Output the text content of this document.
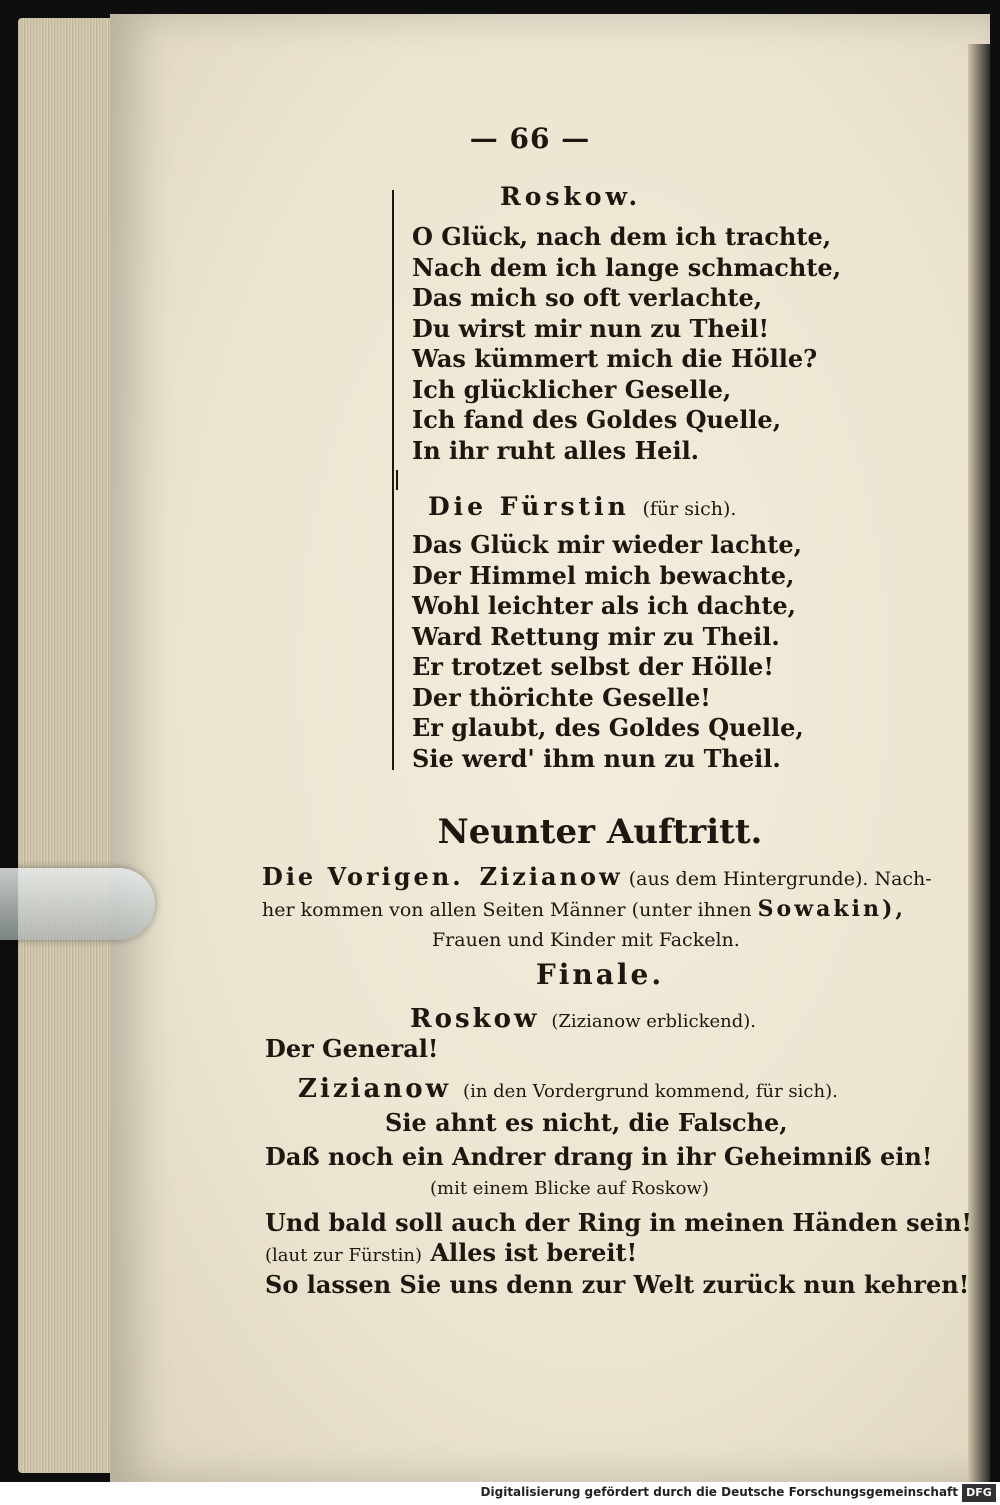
— 66 —
Roskow.
O Glück, nach dem ich trachte,
Nach dem ich lange schmachte,
Das mich so oft verlachte,
Du wirst mir nun zu Theil!
Was kümmert mich die Hölle?
Ich glücklicher Geselle,
Ich fand des Goldes Quelle,
In ihr ruht alles Heil.
Die Fürstin (für sich).
Das Glück mir wieder lachte,
Der Himmel mich bewachte,
Wohl leichter als ich dachte,
Ward Rettung mir zu Theil.
Er trotzet selbst der Hölle!
Der thörichte Geselle!
Er glaubt, des Goldes Quelle,
Sie werd' ihm nun zu Theil.
Neunter Auftritt.
Die Vorigen. Zizianow (aus dem Hintergrunde). Nach-
her kommen von allen Seiten Männer (unter ihnen Sowakin),
Frauen und Kinder mit Fackeln.
Finale.
Roskow (Zizianow erblickend).
Der General!
Zizianow (in den Vordergrund kommend, für sich).
Sie ahnt es nicht, die Falsche,
Daß noch ein Andrer drang in ihr Geheimniß ein!
(mit einem Blicke auf Roskow)
Und bald soll auch der Ring in meinen Händen sein!
(laut zur Fürstin) Alles ist bereit!
So lassen Sie uns denn zur Welt zurück nun kehren!
Digitalisierung gefördert durch die Deutsche Forschungsgemeinschaft DFG
